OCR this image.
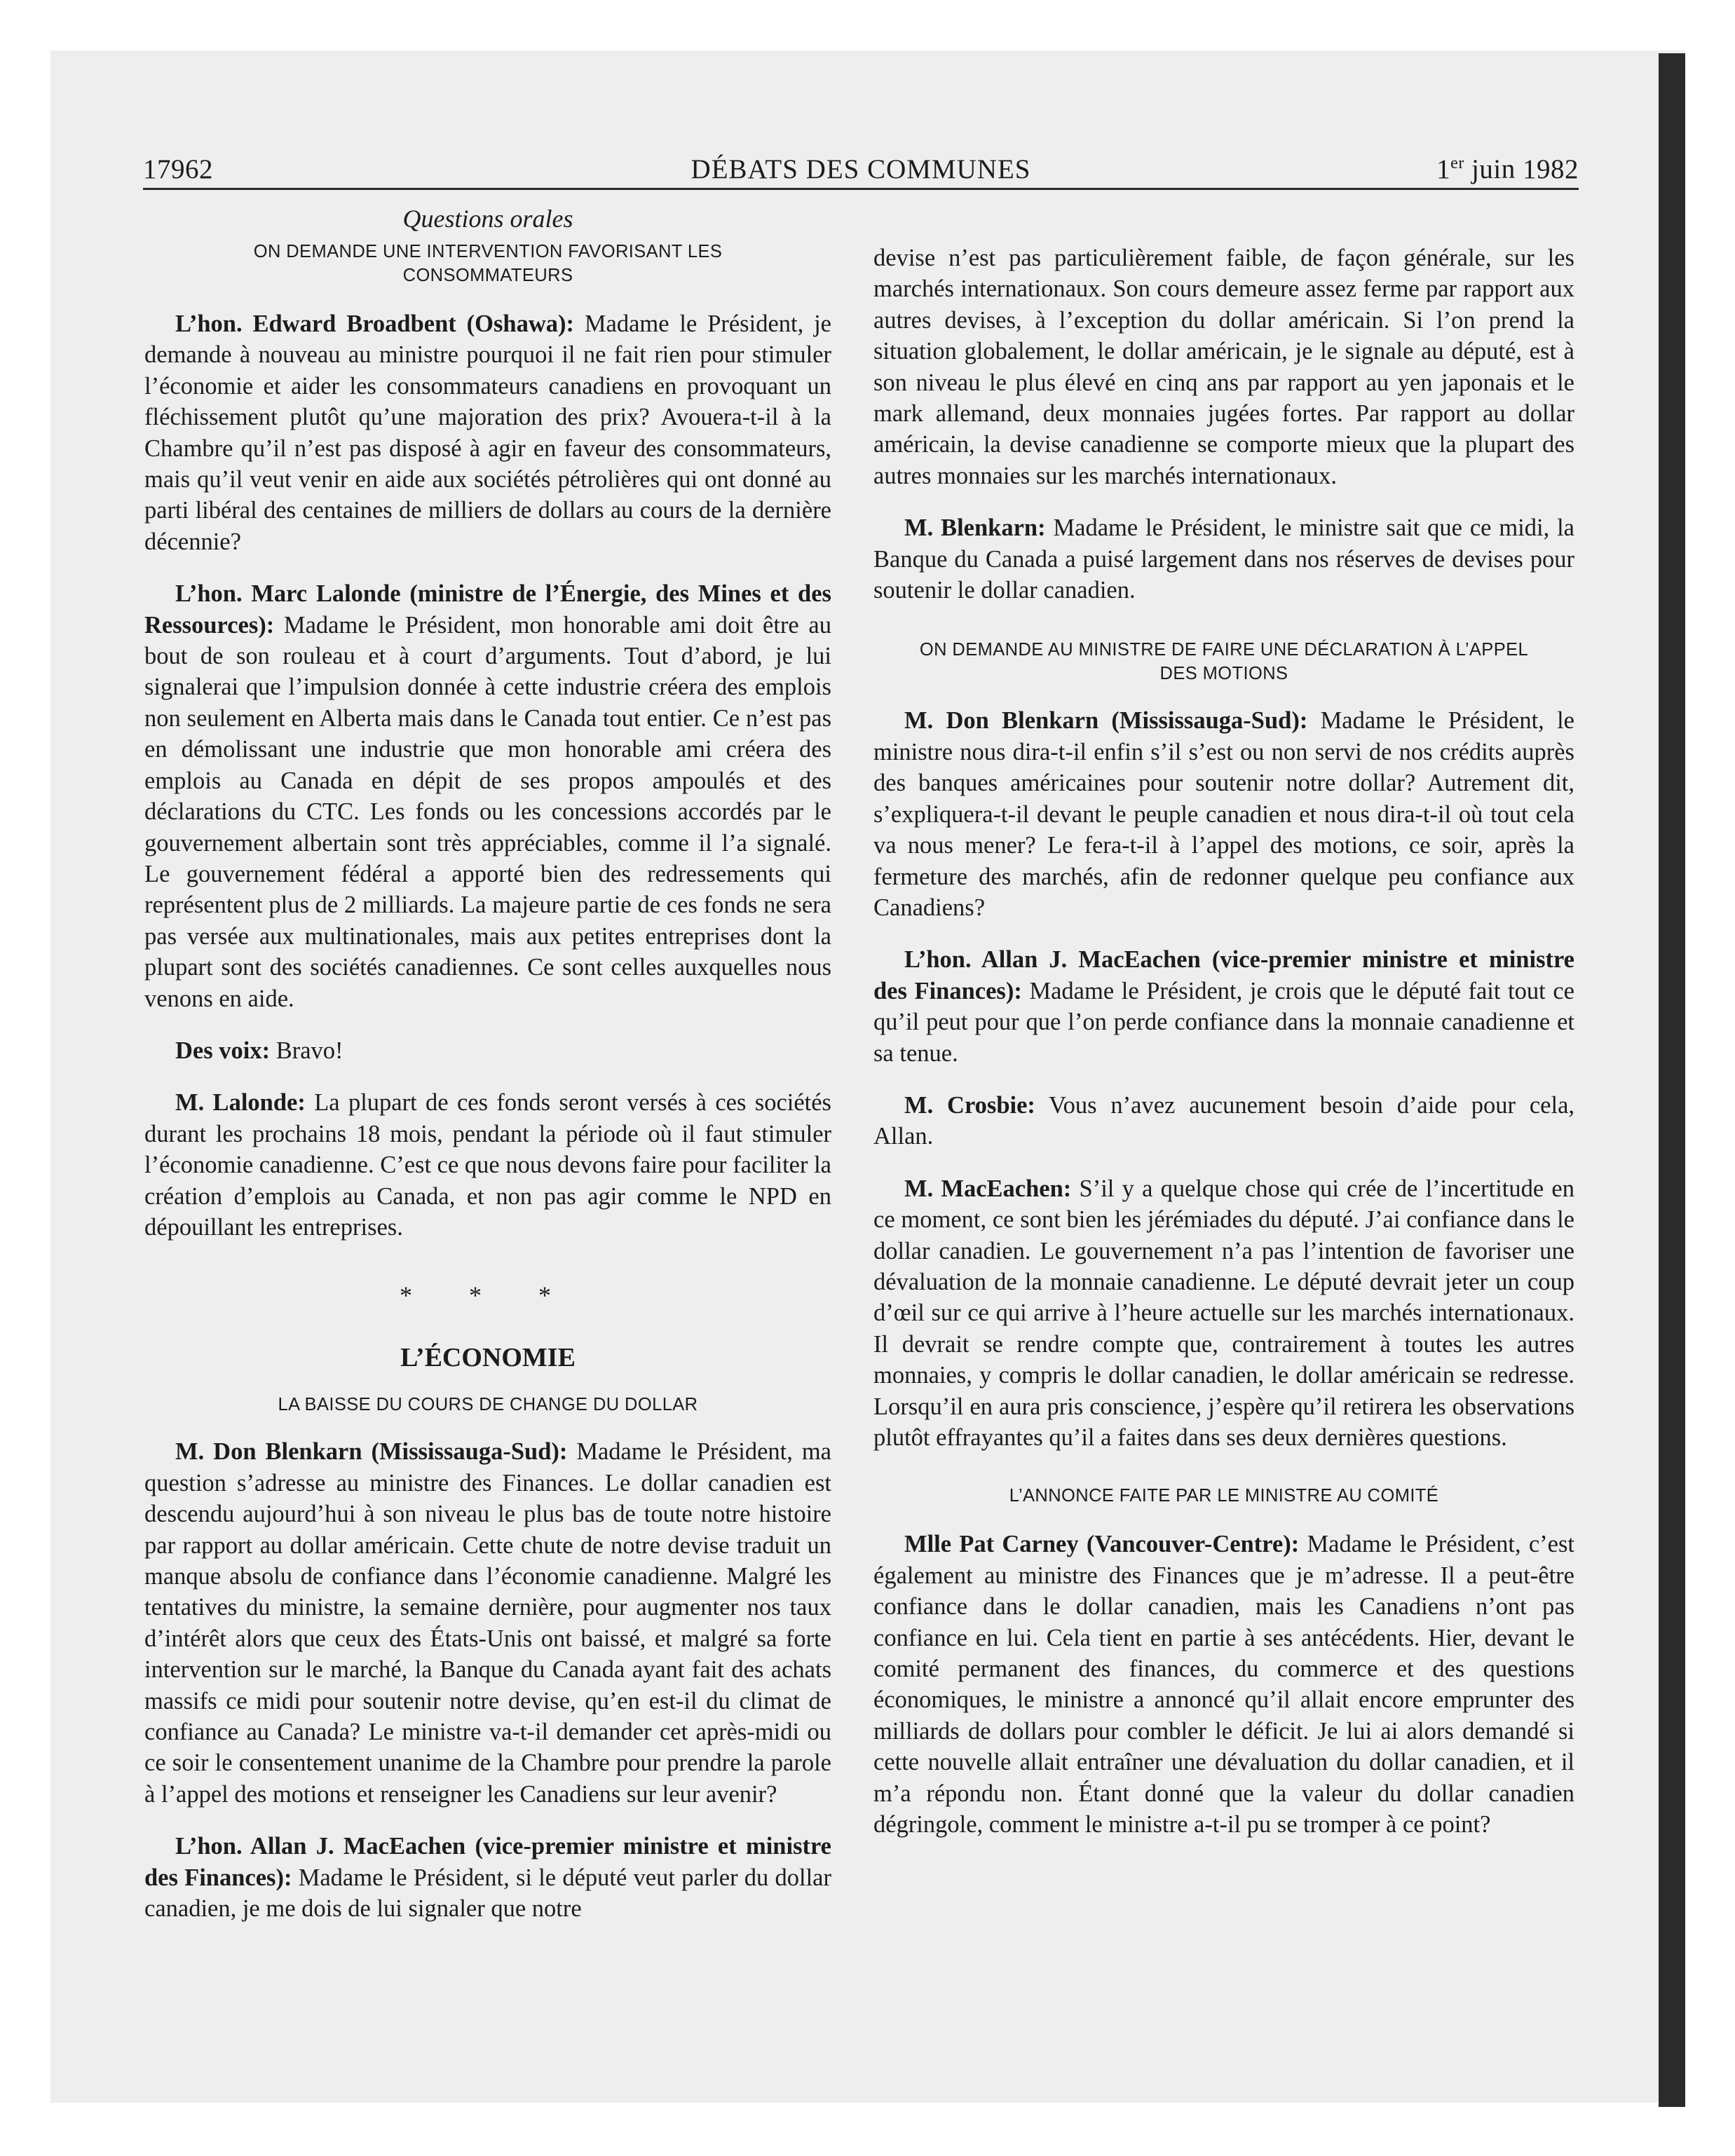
17962	DÉBATS DES COMMUNES	1er juin 1982

Questions orales

ON DEMANDE UNE INTERVENTION FAVORISANT LES CONSOMMATEURS

L’hon. Edward Broadbent (Oshawa): Madame le Président, je demande à nouveau au ministre pourquoi il ne fait rien pour stimuler l’économie et aider les consommateurs canadiens en provoquant un fléchissement plutôt qu’une majoration des prix? Avouera-t-il à la Chambre qu’il n’est pas disposé à agir en faveur des consommateurs, mais qu’il veut venir en aide aux sociétés pétrolières qui ont donné au parti libéral des centaines de milliers de dollars au cours de la dernière décennie?

L’hon. Marc Lalonde (ministre de l’Énergie, des Mines et des Ressources): Madame le Président, mon honorable ami doit être au bout de son rouleau et à court d’arguments. Tout d’abord, je lui signalerai que l’impulsion donnée à cette industrie créera des emplois non seulement en Alberta mais dans le Canada tout entier. Ce n’est pas en démolissant une industrie que mon honorable ami créera des emplois au Canada en dépit de ses propos ampoulés et des déclarations du CTC. Les fonds ou les concessions accordés par le gouvernement albertain sont très appréciables, comme il l’a signalé. Le gouvernement fédéral a apporté bien des redressements qui représentent plus de 2 milliards. La majeure partie de ces fonds ne sera pas versée aux multinationales, mais aux petites entreprises dont la plupart sont des sociétés canadiennes. Ce sont celles auxquelles nous venons en aide.

Des voix: Bravo!

M. Lalonde: La plupart de ces fonds seront versés à ces sociétés durant les prochains 18 mois, pendant la période où il faut stimuler l’économie canadienne. C’est ce que nous devons faire pour faciliter la création d’emplois au Canada, et non pas agir comme le NPD en dépouillant les entreprises.

* * *

L’ÉCONOMIE

LA BAISSE DU COURS DE CHANGE DU DOLLAR

M. Don Blenkarn (Mississauga-Sud): Madame le Président, ma question s’adresse au ministre des Finances. Le dollar canadien est descendu aujourd’hui à son niveau le plus bas de toute notre histoire par rapport au dollar américain. Cette chute de notre devise traduit un manque absolu de confiance dans l’économie canadienne. Malgré les tentatives du ministre, la semaine dernière, pour augmenter nos taux d’intérêt alors que ceux des États-Unis ont baissé, et malgré sa forte intervention sur le marché, la Banque du Canada ayant fait des achats massifs ce midi pour soutenir notre devise, qu’en est-il du climat de confiance au Canada? Le ministre va-t-il demander cet après-midi ou ce soir le consentement unanime de la Chambre pour prendre la parole à l’appel des motions et renseigner les Canadiens sur leur avenir?

L’hon. Allan J. MacEachen (vice-premier ministre et ministre des Finances): Madame le Président, si le député veut parler du dollar canadien, je me dois de lui signaler que notre

devise n’est pas particulièrement faible, de façon générale, sur les marchés internationaux. Son cours demeure assez ferme par rapport aux autres devises, à l’exception du dollar américain. Si l’on prend la situation globalement, le dollar américain, je le signale au député, est à son niveau le plus élevé en cinq ans par rapport au yen japonais et le mark allemand, deux monnaies jugées fortes. Par rapport au dollar américain, la devise canadienne se comporte mieux que la plupart des autres monnaies sur les marchés internationaux.

M. Blenkarn: Madame le Président, le ministre sait que ce midi, la Banque du Canada a puisé largement dans nos réserves de devises pour soutenir le dollar canadien.

ON DEMANDE AU MINISTRE DE FAIRE UNE DÉCLARATION À L’APPEL DES MOTIONS

M. Don Blenkarn (Mississauga-Sud): Madame le Président, le ministre nous dira-t-il enfin s’il s’est ou non servi de nos crédits auprès des banques américaines pour soutenir notre dollar? Autrement dit, s’expliquera-t-il devant le peuple canadien et nous dira-t-il où tout cela va nous mener? Le fera-t-il à l’appel des motions, ce soir, après la fermeture des marchés, afin de redonner quelque peu confiance aux Canadiens?

L’hon. Allan J. MacEachen (vice-premier ministre et ministre des Finances): Madame le Président, je crois que le député fait tout ce qu’il peut pour que l’on perde confiance dans la monnaie canadienne et sa tenue.

M. Crosbie: Vous n’avez aucunement besoin d’aide pour cela, Allan.

M. MacEachen: S’il y a quelque chose qui crée de l’incertitude en ce moment, ce sont bien les jérémiades du député. J’ai confiance dans le dollar canadien. Le gouvernement n’a pas l’intention de favoriser une dévaluation de la monnaie canadienne. Le député devrait jeter un coup d’œil sur ce qui arrive à l’heure actuelle sur les marchés internationaux. Il devrait se rendre compte que, contrairement à toutes les autres monnaies, y compris le dollar canadien, le dollar américain se redresse. Lorsqu’il en aura pris conscience, j’espère qu’il retirera les observations plutôt effrayantes qu’il a faites dans ses deux dernières questions.

L’ANNONCE FAITE PAR LE MINISTRE AU COMITÉ

Mlle Pat Carney (Vancouver-Centre): Madame le Président, c’est également au ministre des Finances que je m’adresse. Il a peut-être confiance dans le dollar canadien, mais les Canadiens n’ont pas confiance en lui. Cela tient en partie à ses antécédents. Hier, devant le comité permanent des finances, du commerce et des questions économiques, le ministre a annoncé qu’il allait encore emprunter des milliards de dollars pour combler le déficit. Je lui ai alors demandé si cette nouvelle allait entraîner une dévaluation du dollar canadien, et il m’a répondu non. Étant donné que la valeur du dollar canadien dégringole, comment le ministre a-t-il pu se tromper à ce point?
